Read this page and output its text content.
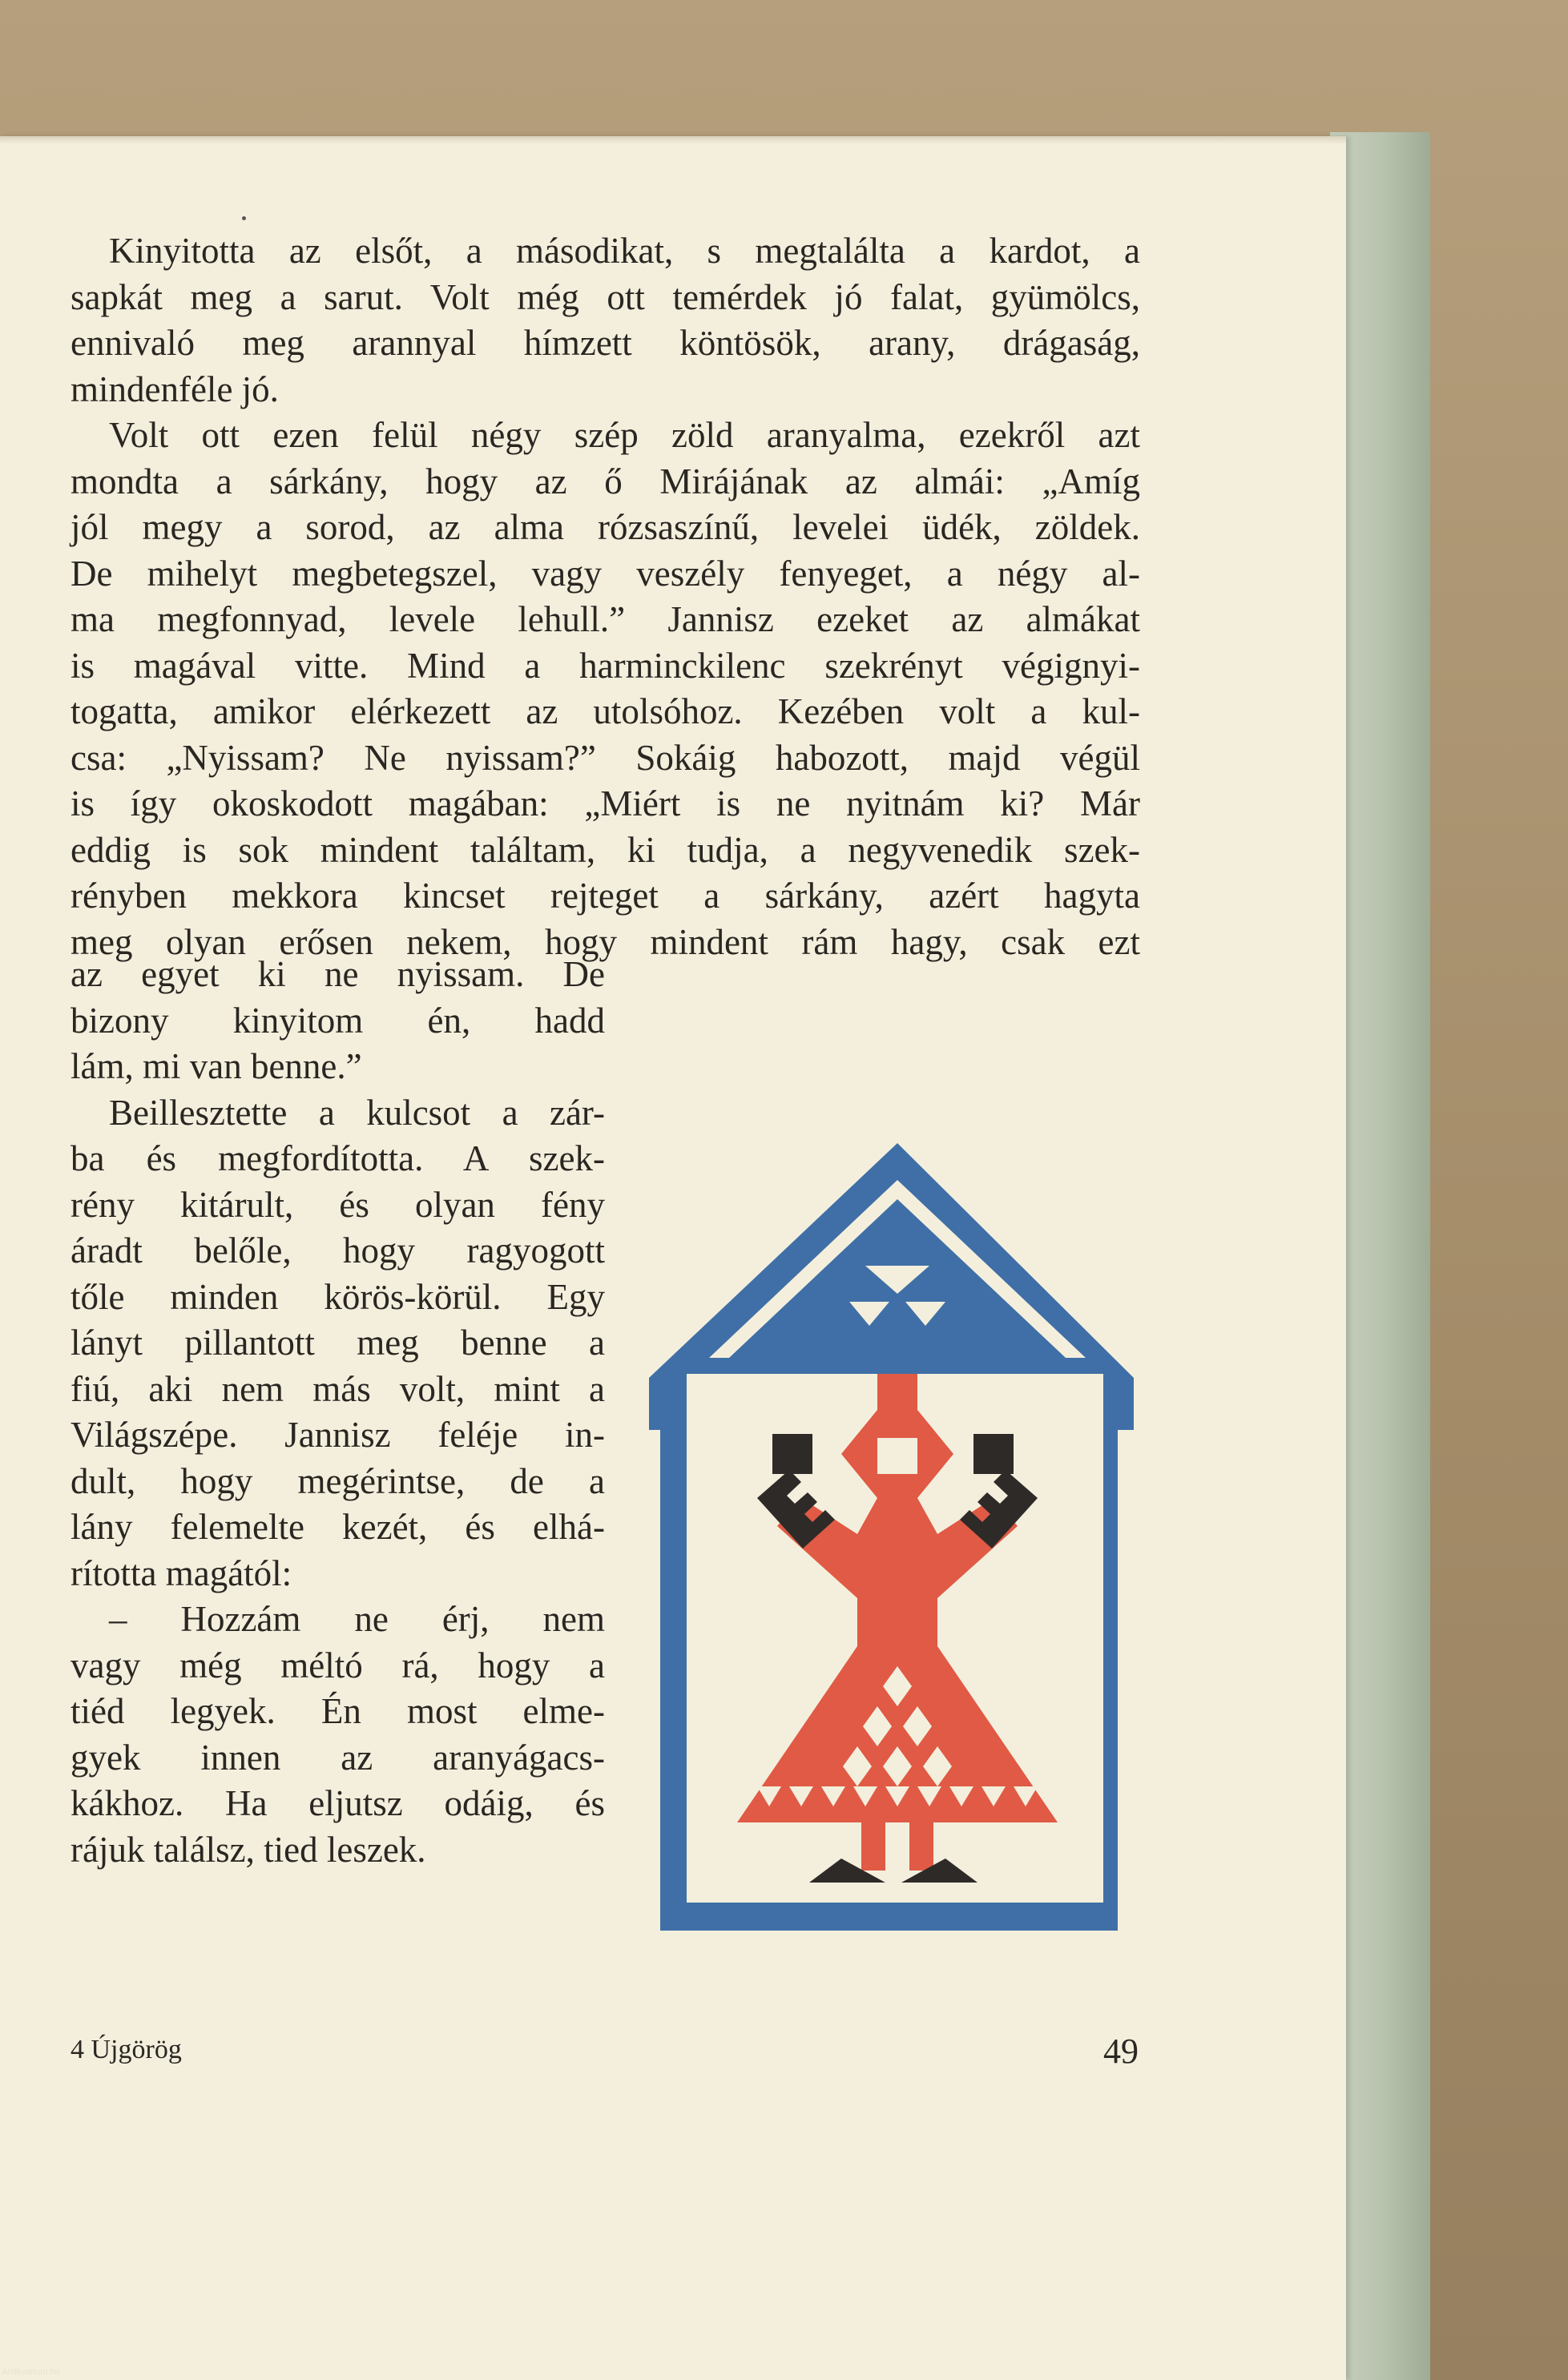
Kinyitotta az elsőt, a másodikat, s megtalálta a kardot, a
sapkát meg a sarut. Volt még ott temérdek jó falat, gyümölcs,
ennivaló meg arannyal hímzett köntösök, arany, drágaság,
mindenféle jó.
Volt ott ezen felül négy szép zöld aranyalma, ezekről azt
mondta a sárkány, hogy az ő Mirájának az almái: „Amíg
jól megy a sorod, az alma rózsaszínű, levelei üdék, zöldek.
De mihelyt megbetegszel, vagy veszély fenyeget, a négy al-
ma megfonnyad, levele lehull.” Jannisz ezeket az almákat
is magával vitte. Mind a harminckilenc szekrényt végignyi-
togatta, amikor elérkezett az utolsóhoz. Kezében volt a kul-
csa: „Nyissam? Ne nyissam?” Sokáig habozott, majd végül
is így okoskodott magában: „Miért is ne nyitnám ki? Már
eddig is sok mindent találtam, ki tudja, a negyvenedik szek-
rényben mekkora kincset rejteget a sárkány, azért hagyta
meg olyan erősen nekem, hogy mindent rám hagy, csak ezt
az egyet ki ne nyissam. De
bizony kinyitom én, hadd
lám, mi van benne.”
Beillesztette a kulcsot a zár-
ba és megfordította. A szek-
rény kitárult, és olyan fény
áradt belőle, hogy ragyogott
tőle minden körös-körül. Egy
lányt pillantott meg benne a
fiú, aki nem más volt, mint a
Világszépe. Jannisz feléje in-
dult, hogy megérintse, de a
lány felemelte kezét, és elhá-
rította magától:
– Hozzám ne érj, nem
vagy még méltó rá, hogy a
tiéd legyek. Én most elme-
gyek innen az aranyágacs-
kákhoz. Ha eljutsz odáig, és
rájuk találsz, tied leszek.
4 Újgörög	49
Antikvarium.hu
